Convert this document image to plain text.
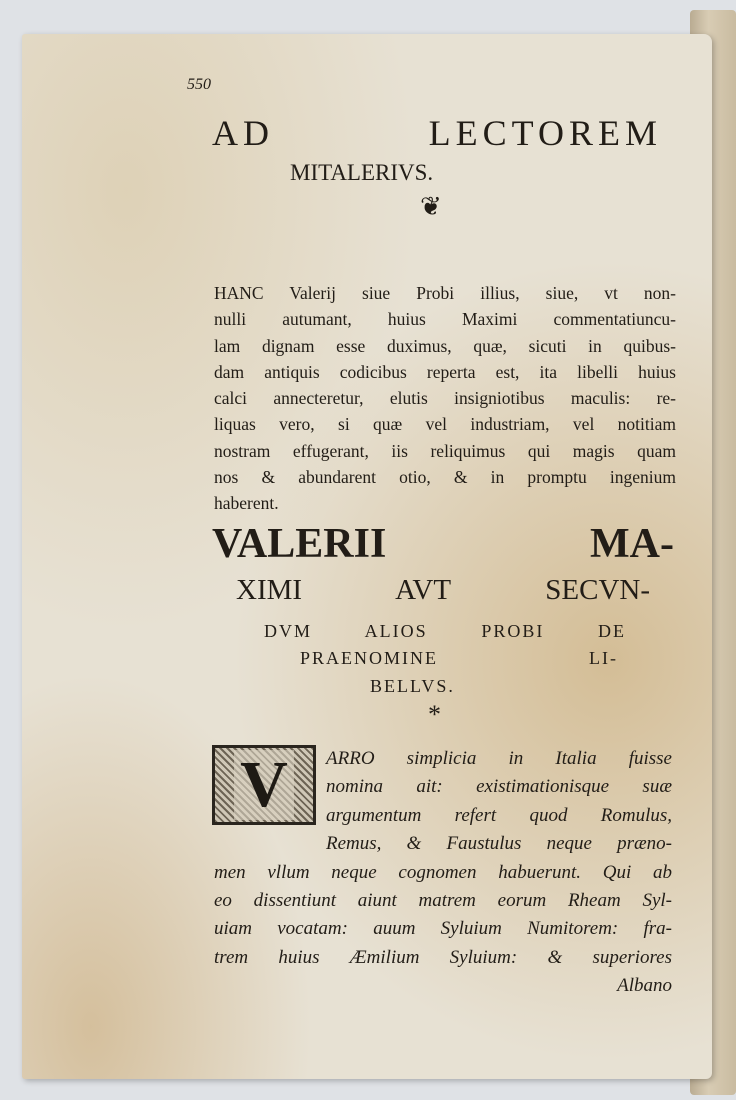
550
AD LECTOREM
MITALERIVS.
❦
HANC Valerij siue Probi illius, siue, vt non-
nulli autumant, huius Maximi commentatiuncu-
lam dignam esse duximus, quæ, sicuti in quibus-
dam antiquis codicibus reperta est, ita libelli huius
calci annecteretur, elutis insigniotibus maculis: re-
liquas vero, si quæ vel industriam, vel notitiam
nostram effugerant, iis reliquimus qui magis quam
nos & abundarent otio, & in promptu ingenium
haberent.
VALERII MA-
XIMI AVT SECVN-
DVM ALIOS PROBI DE
PRAENOMINE LI-
BELLVS.
*
V	ARRO simplicia in Italia fuisse
nomina ait: existimationisque suæ
argumentum refert quod Romulus,
Remus, & Faustulus neque præno-
men vllum neque cognomen habuerunt. Qui ab
eo dissentiunt aiunt matrem eorum Rheam Syl-
uiam vocatam: auum Syluium Numitorem: fra-
trem huius Æmilium Syluium: & superiores
Albano
